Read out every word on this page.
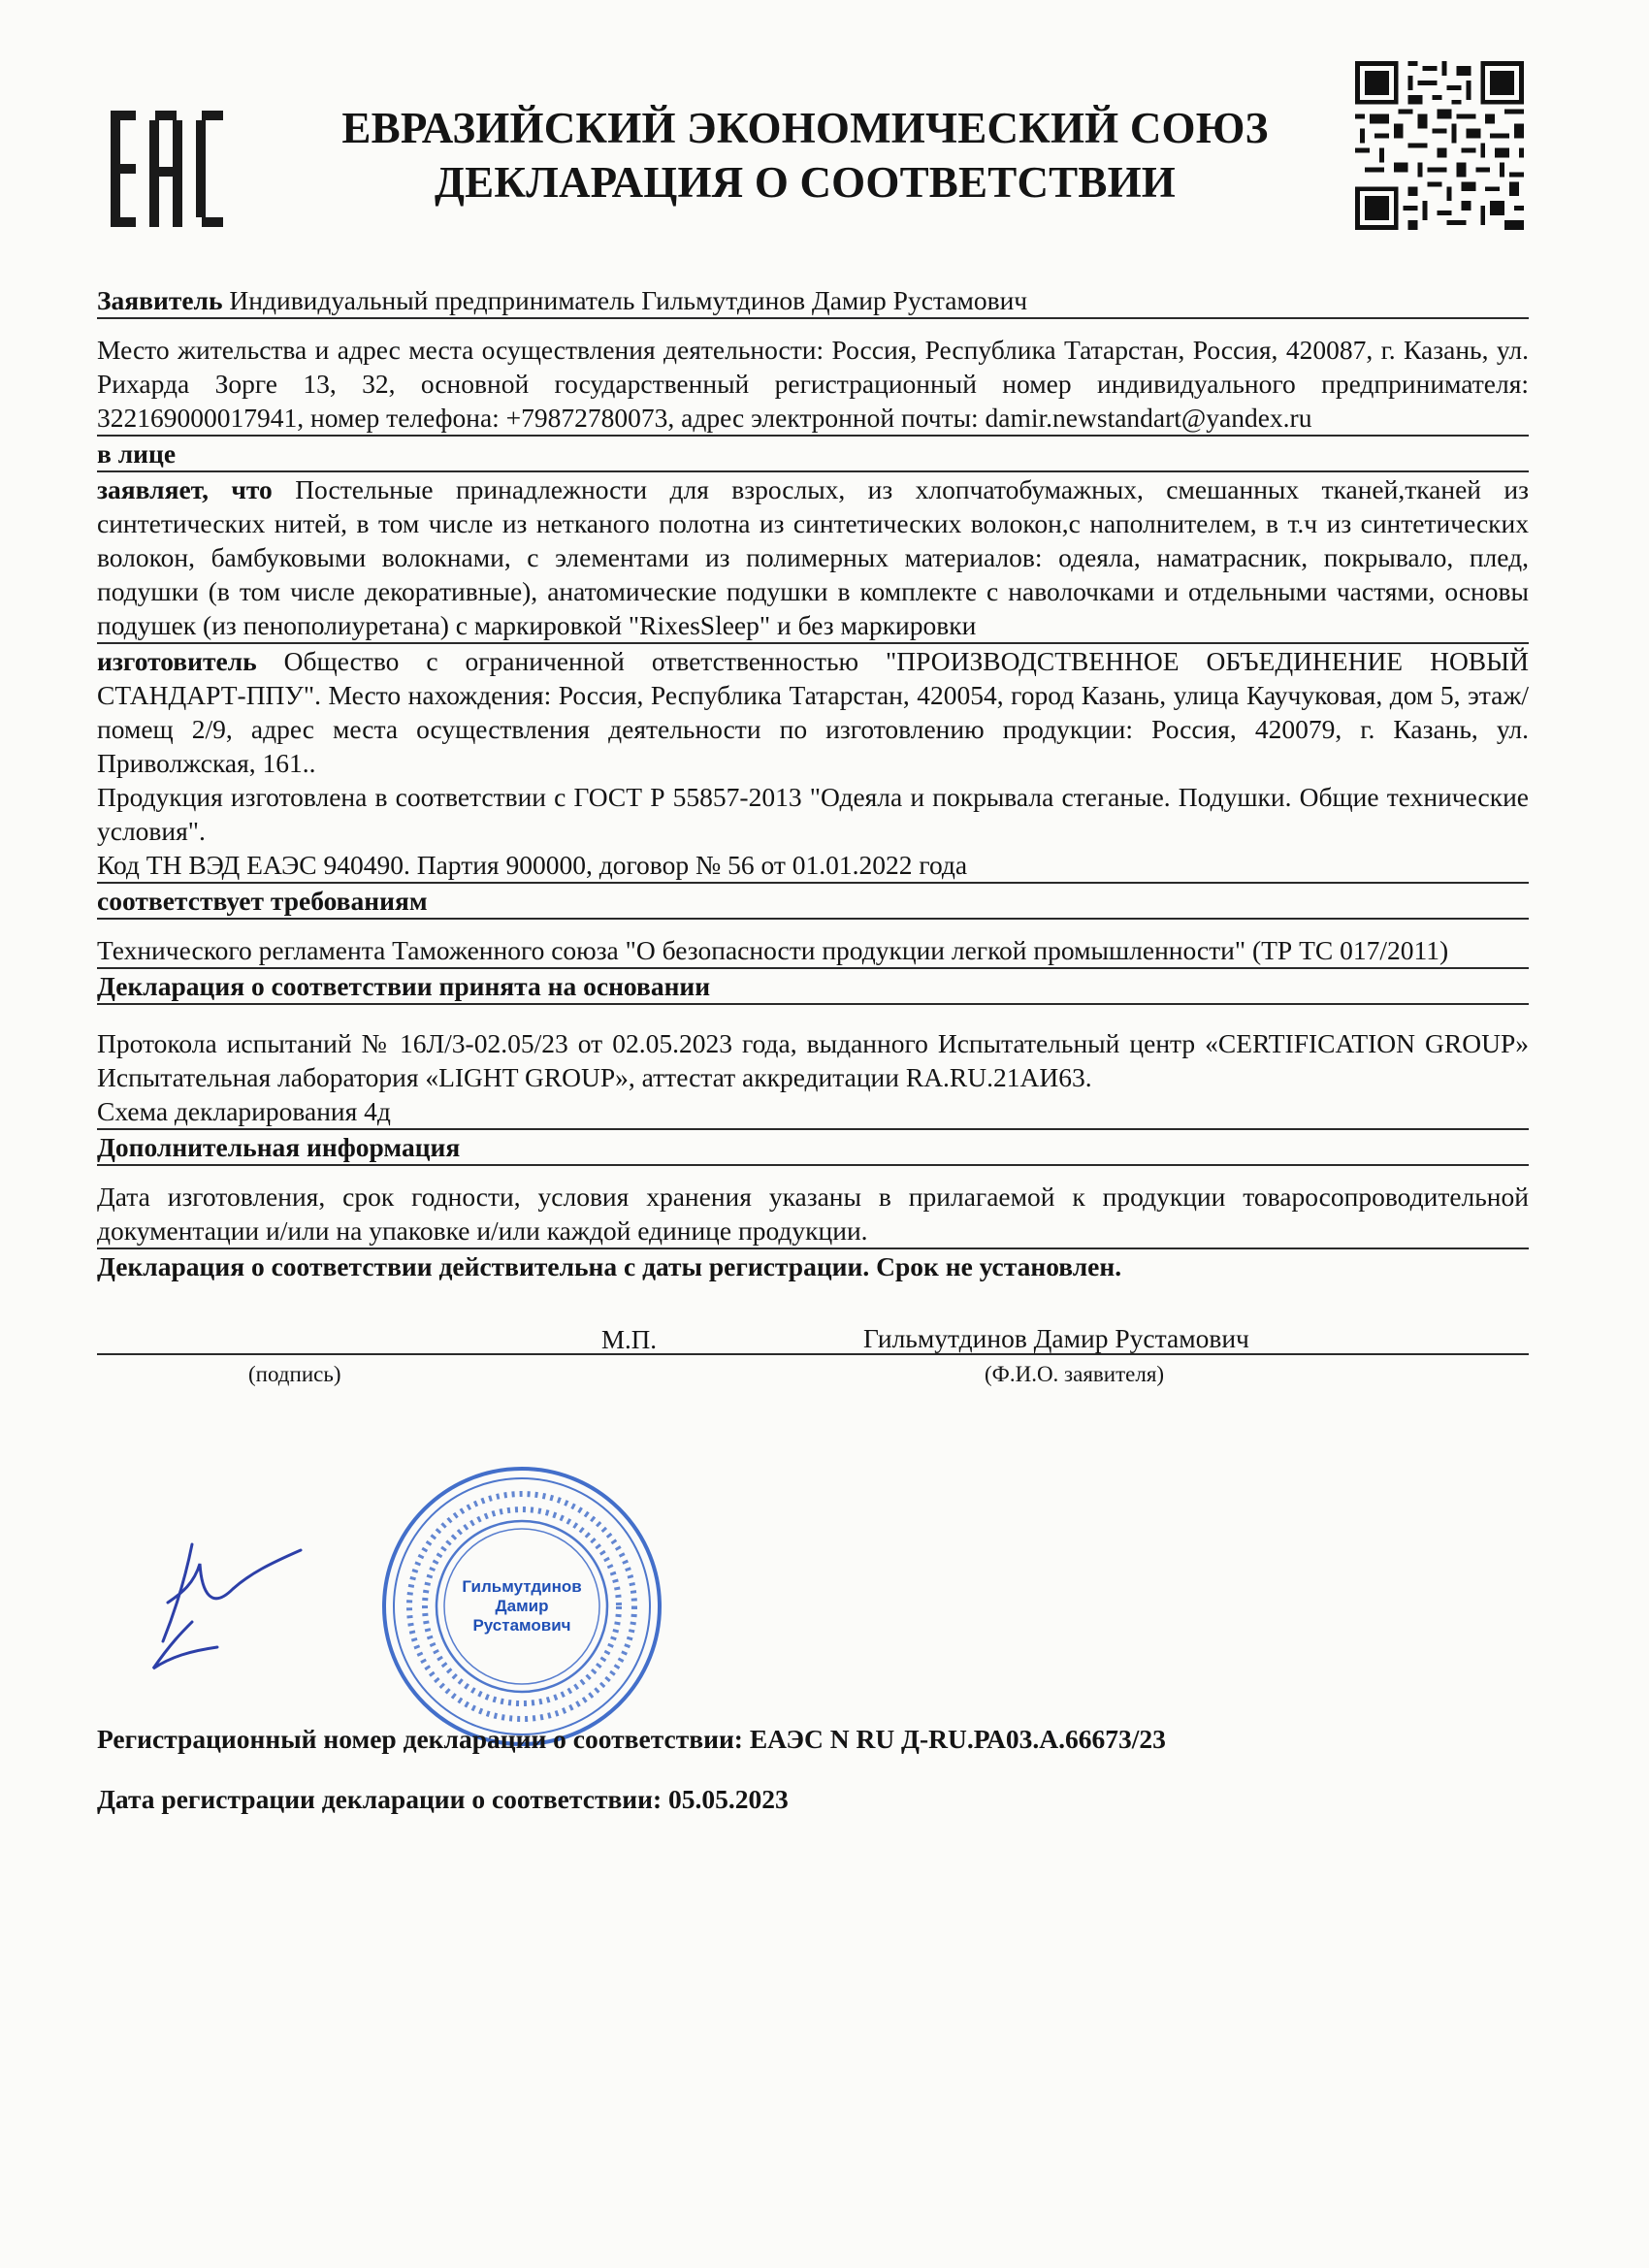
ЕВРАЗИЙСКИЙ ЭКОНОМИЧЕСКИЙ СОЮЗ
ДЕКЛАРАЦИЯ О СООТВЕТСТВИИ

Заявитель Индивидуальный предприниматель Гильмутдинов Дамир Рустамович

Место жительства и адрес места осуществления деятельности: Россия, Республика Татарстан, Россия, 420087, г. Казань, ул. Рихарда Зорге 13, 32, основной государственный регистрационный номер индивидуального предпринимателя: 322169000017941, номер телефона: +79872780073, адрес электронной почты: damir.newstandart@yandex.ru

в лице

заявляет, что Постельные принадлежности для взрослых, из хлопчатобумажных, смешанных тканей,тканей из синтетических нитей, в том числе из нетканого полотна из синтетических волокон,с наполнителем, в т.ч из синтетических волокон, бамбуковыми волокнами, с элементами из полимерных материалов: одеяла, наматрасник, покрывало, плед, подушки (в том числе декоративные), анатомические подушки в комплекте с наволочками и отдельными частями, основы подушек (из пенополиуретана) с маркировкой "RixesSleep" и без маркировки

изготовитель Общество с ограниченной ответственностью "ПРОИЗВОДСТВЕННОЕ ОБЪЕДИНЕНИЕ НОВЫЙ СТАНДАРТ-ППУ". Место нахождения: Россия, Республика Татарстан, 420054, город Казань, улица Каучуковая, дом 5, этаж/помещ 2/9, адрес места осуществления деятельности по изготовлению продукции: Россия, 420079, г. Казань, ул. Приволжская, 161..

Продукция изготовлена в соответствии с ГОСТ Р 55857-2013 "Одеяла и покрывала стеганые. Подушки. Общие технические условия".

Код ТН ВЭД ЕАЭС 940490. Партия 900000, договор № 56 от 01.01.2022 года

соответствует требованиям

Технического регламента Таможенного союза "О безопасности продукции легкой промышленности" (ТР ТС 017/2011)

Декларация о соответствии принята на основании

Протокола испытаний № 16Л/3-02.05/23 от 02.05.2023 года, выданного Испытательный центр «CERTIFICATION GROUP» Испытательная лаборатория «LIGHT GROUP», аттестат аккредитации RA.RU.21АИ63.

Схема декларирования 4д

Дополнительная информация

Дата изготовления, срок годности, условия хранения указаны в прилагаемой к продукции товаросопроводительной документации и/или на упаковке и/или каждой единице продукции.

Декларация о соответствии действительна с даты регистрации. Срок не установлен.

М.П.	Гильмутдинов Дамир Рустамович
(подпись)	(Ф.И.О. заявителя)
Гильмутдинов
Дамир
Рустамович

Регистрационный номер декларации о соответствии: ЕАЭС N RU Д-RU.РА03.А.66673/23

Дата регистрации декларации о соответствии: 05.05.2023
